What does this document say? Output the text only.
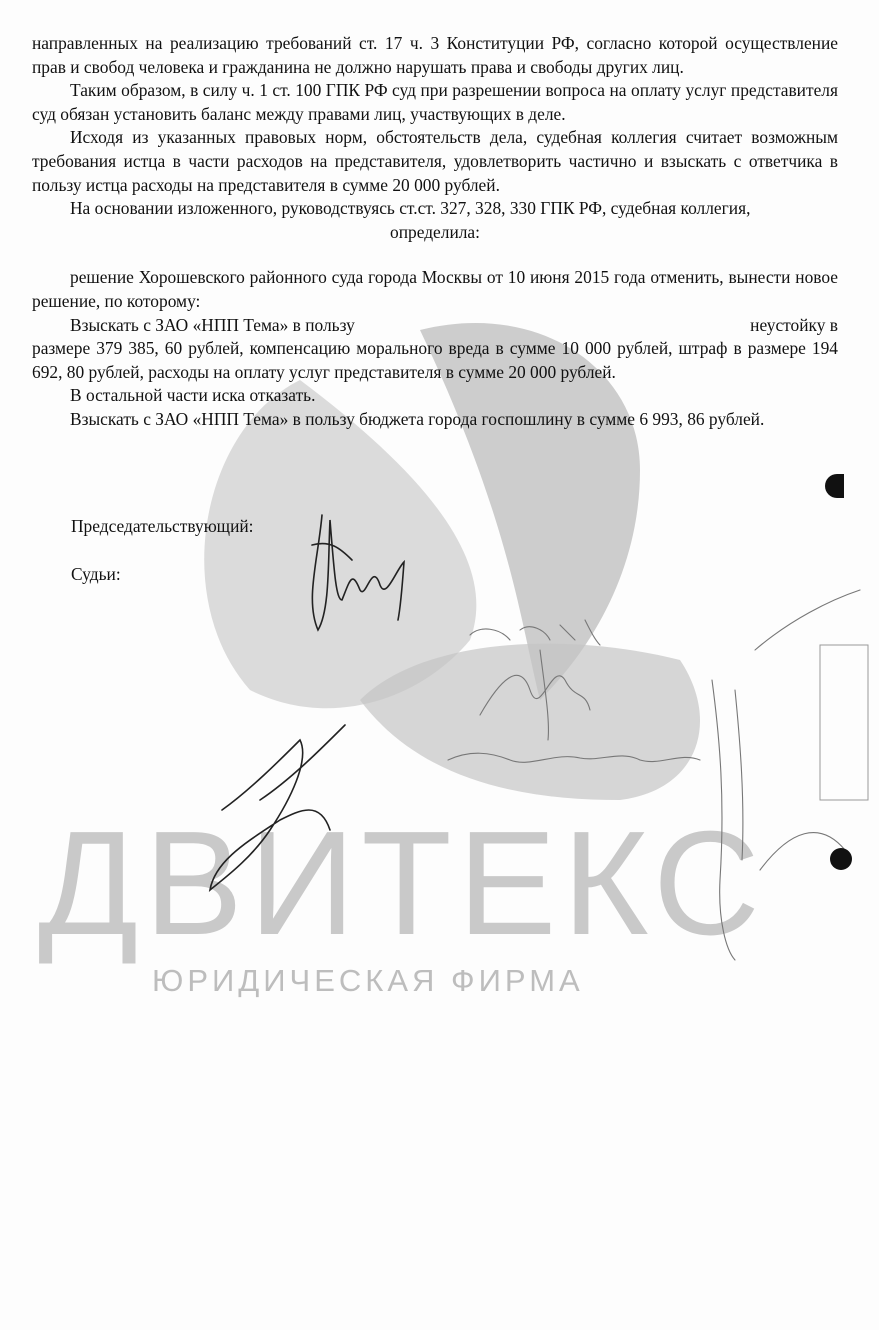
ДВИТЕКС
ЮРИДИЧЕСКАЯ ФИРМА

направленных на реализацию требований ст. 17 ч. 3 Конституции РФ, согласно которой осуществление прав и свобод человека и гражданина не должно нарушать права и свободы других лиц.

Таким образом, в силу ч. 1 ст. 100 ГПК РФ суд при разрешении вопроса на оплату услуг представителя суд обязан установить баланс между правами лиц, участвующих в деле.

Исходя из указанных правовых норм, обстоятельств дела, судебная коллегия считает возможным требования истца в части расходов на представителя, удовлетворить частично и взыскать с ответчика в пользу истца расходы на представителя в сумме 20 000 рублей.

На основании изложенного, руководствуясь ст.ст. 327, 328, 330 ГПК РФ, судебная коллегия,

определила:

решение Хорошевского районного суда города Москвы от 10 июня 2015 года отменить, вынести новое решение, по которому:

Взыскать с ЗАО «НПП Тема» в пользу	неустойку в

размере 379 385, 60 рублей, компенсацию морального вреда в сумме 10 000 рублей, штраф в размере 194 692, 80 рублей, расходы на оплату услуг представителя в сумме 20 000 рублей.

В остальной части иска отказать.

Взыскать с ЗАО «НПП Тема» в пользу бюджета города госпошлину в сумме 6 993, 86 рублей.

Председательствующий:
Судьи:
